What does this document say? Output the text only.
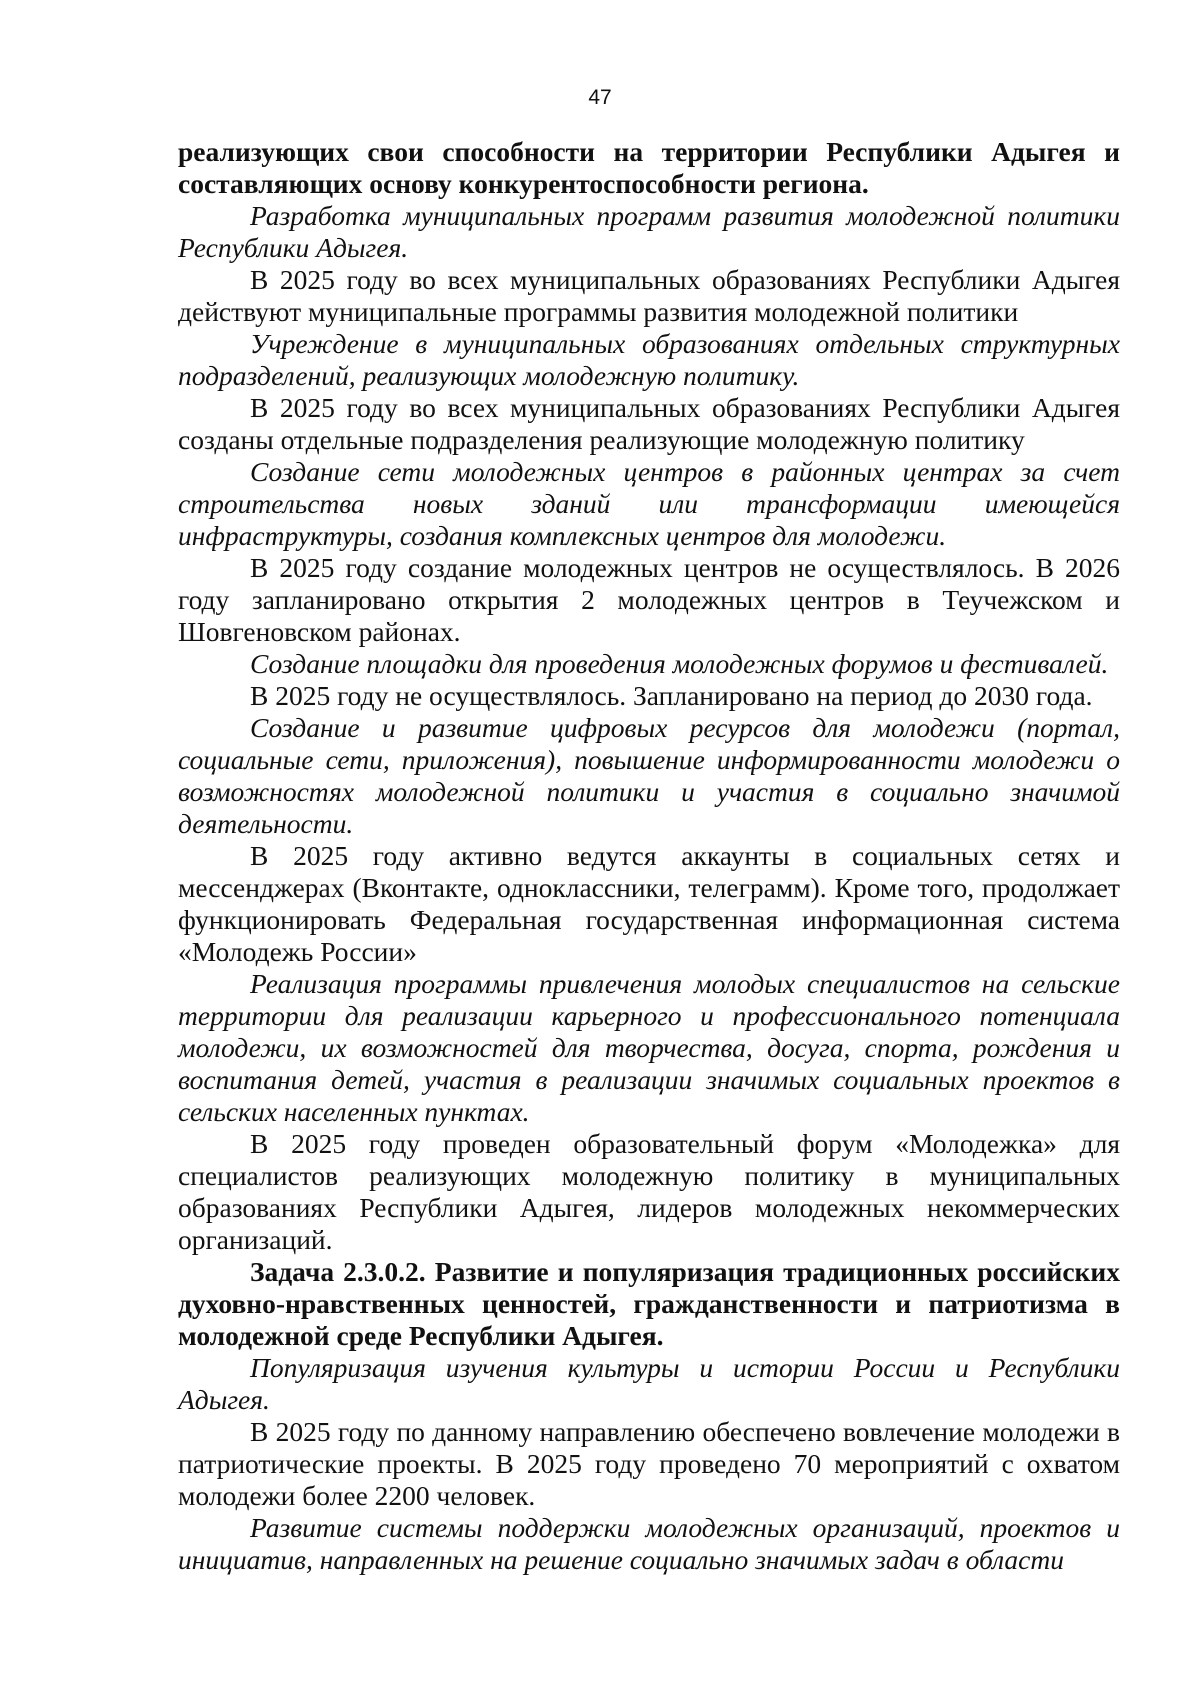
47

реализующих свои способности на территории Республики Адыгея и составляющих основу конкурентоспособности региона.

Разработка муниципальных программ развития молодежной политики Республики Адыгея.

В 2025 году во всех муниципальных образованиях Республики Адыгея действуют муниципальные программы развития молодежной политики

Учреждение в муниципальных образованиях отдельных структурных подразделений, реализующих молодежную политику.

В 2025 году во всех муниципальных образованиях Республики Адыгея созданы отдельные подразделения реализующие молодежную политику

Создание сети молодежных центров в районных центрах за счет строительства новых зданий или трансформации имеющейся инфраструктуры, создания комплексных центров для молодежи.

В 2025 году создание молодежных центров не осуществлялось. В 2026 году запланировано открытия 2 молодежных центров в Теучежском и Шовгеновском районах.

Создание площадки для проведения молодежных форумов и фестивалей.

В 2025 году не осуществлялось. Запланировано на период до 2030 года.

Создание и развитие цифровых ресурсов для молодежи (портал, социальные сети, приложения), повышение информированности молодежи о возможностях молодежной политики и участия в социально значимой деятельности.

В 2025 году активно ведутся аккаунты в социальных сетях и мессенджерах (Вконтакте, одноклассники, телеграмм). Кроме того, продолжает функционировать Федеральная государственная информационная система «Молодежь России»

Реализация программы привлечения молодых специалистов на сельские территории для реализации карьерного и профессионального потенциала молодежи, их возможностей для творчества, досуга, спорта, рождения и воспитания детей, участия в реализации значимых социальных проектов в сельских населенных пунктах.

В 2025 году проведен образовательный форум «Молодежка» для специалистов реализующих молодежную политику в муниципальных образованиях Республики Адыгея, лидеров молодежных некоммерческих организаций.

Задача 2.3.0.2. Развитие и популяризация традиционных российских духовно-нравственных ценностей, гражданственности и патриотизма в молодежной среде Республики Адыгея.

Популяризация изучения культуры и истории России и Республики Адыгея.

В 2025 году по данному направлению обеспечено вовлечение молодежи в патриотические проекты. В 2025 году проведено 70 мероприятий с охватом молодежи более 2200 человек.

Развитие системы поддержки молодежных организаций, проектов и инициатив, направленных на решение социально значимых задач в области
